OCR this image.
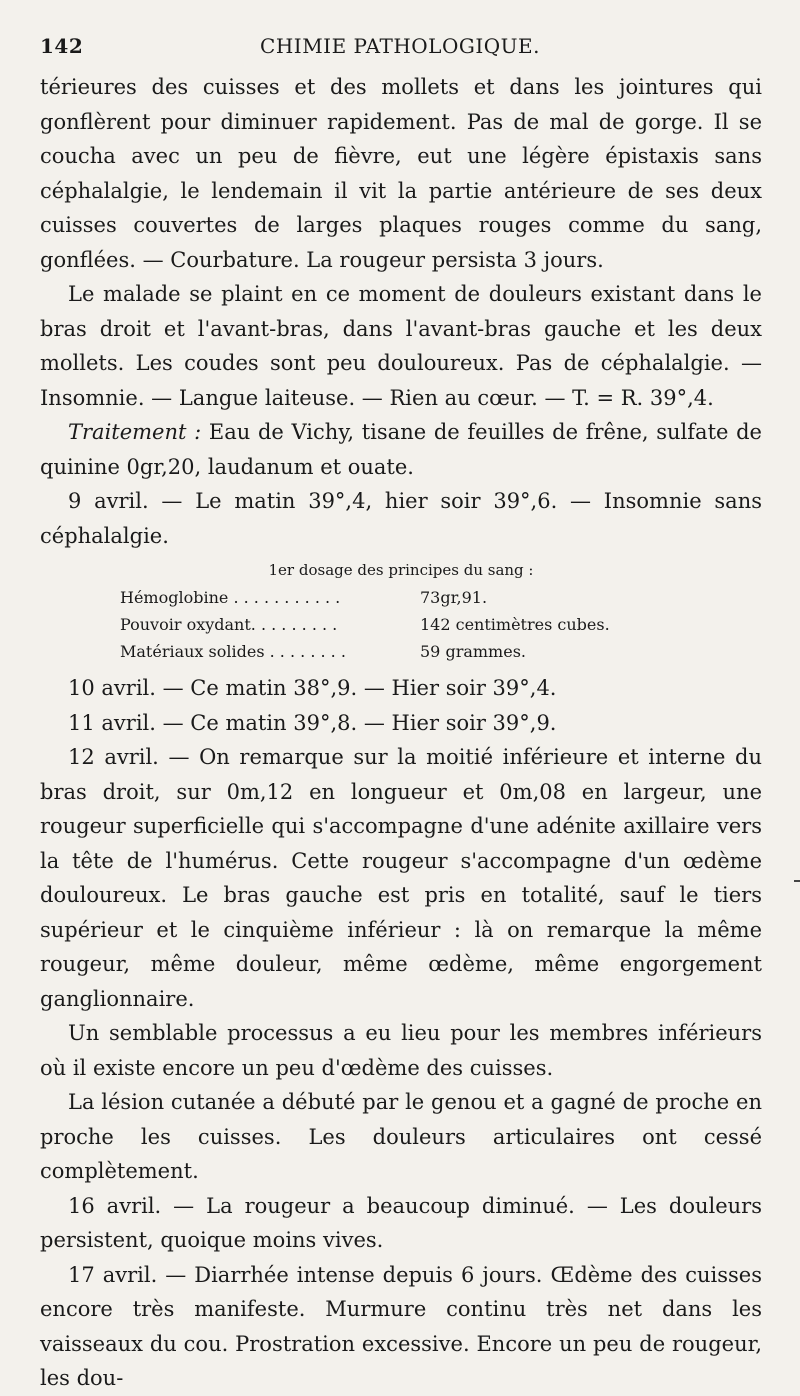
142	CHIMIE PATHOLOGIQUE.

térieures des cuisses et des mollets et dans les jointures qui gonflèrent pour diminuer rapidement. Pas de mal de gorge. Il se coucha avec un peu de fièvre, eut une légère épistaxis sans céphalalgie, le lendemain il vit la partie antérieure de ses deux cuisses couvertes de larges plaques rouges comme du sang, gonflées. — Courbature. La rougeur persista 3 jours.

Le malade se plaint en ce moment de douleurs existant dans le bras droit et l'avant-bras, dans l'avant-bras gauche et les deux mollets. Les coudes sont peu douloureux. Pas de céphalalgie. — Insomnie. — Langue laiteuse. — Rien au cœur. — T. = R. 39°,4.

Traitement : Eau de Vichy, tisane de feuilles de frêne, sulfate de quinine 0gr,20, laudanum et ouate.

9 avril. — Le matin 39°,4, hier soir 39°,6. — Insomnie sans céphalalgie.

1er dosage des principes du sang :
Hémoglobine . . . . . . . . . . .	73gr,91.
Pouvoir oxydant. . . . . . . . .	142 centimètres cubes.
Matériaux solides . . . . . . . .	59 grammes.

10 avril. — Ce matin 38°,9. — Hier soir 39°,4.

11 avril. — Ce matin 39°,8. — Hier soir 39°,9.

12 avril. — On remarque sur la moitié inférieure et interne du bras droit, sur 0m,12 en longueur et 0m,08 en largeur, une rougeur superficielle qui s'accompagne d'une adénite axillaire vers la tête de l'humérus. Cette rougeur s'accompagne d'un œdème douloureux. Le bras gauche est pris en totalité, sauf le tiers supérieur et le cinquième inférieur : là on remarque la même rougeur, même douleur, même œdème, même engorgement ganglionnaire.

Un semblable processus a eu lieu pour les membres inférieurs où il existe encore un peu d'œdème des cuisses.

La lésion cutanée a débuté par le genou et a gagné de proche en proche les cuisses. Les douleurs articulaires ont cessé complètement.

16 avril. — La rougeur a beaucoup diminué. — Les douleurs persistent, quoique moins vives.

17 avril. — Diarrhée intense depuis 6 jours. Œdème des cuisses encore très manifeste. Murmure continu très net dans les vaisseaux du cou. Prostration excessive. Encore un peu de rougeur, les dou-
